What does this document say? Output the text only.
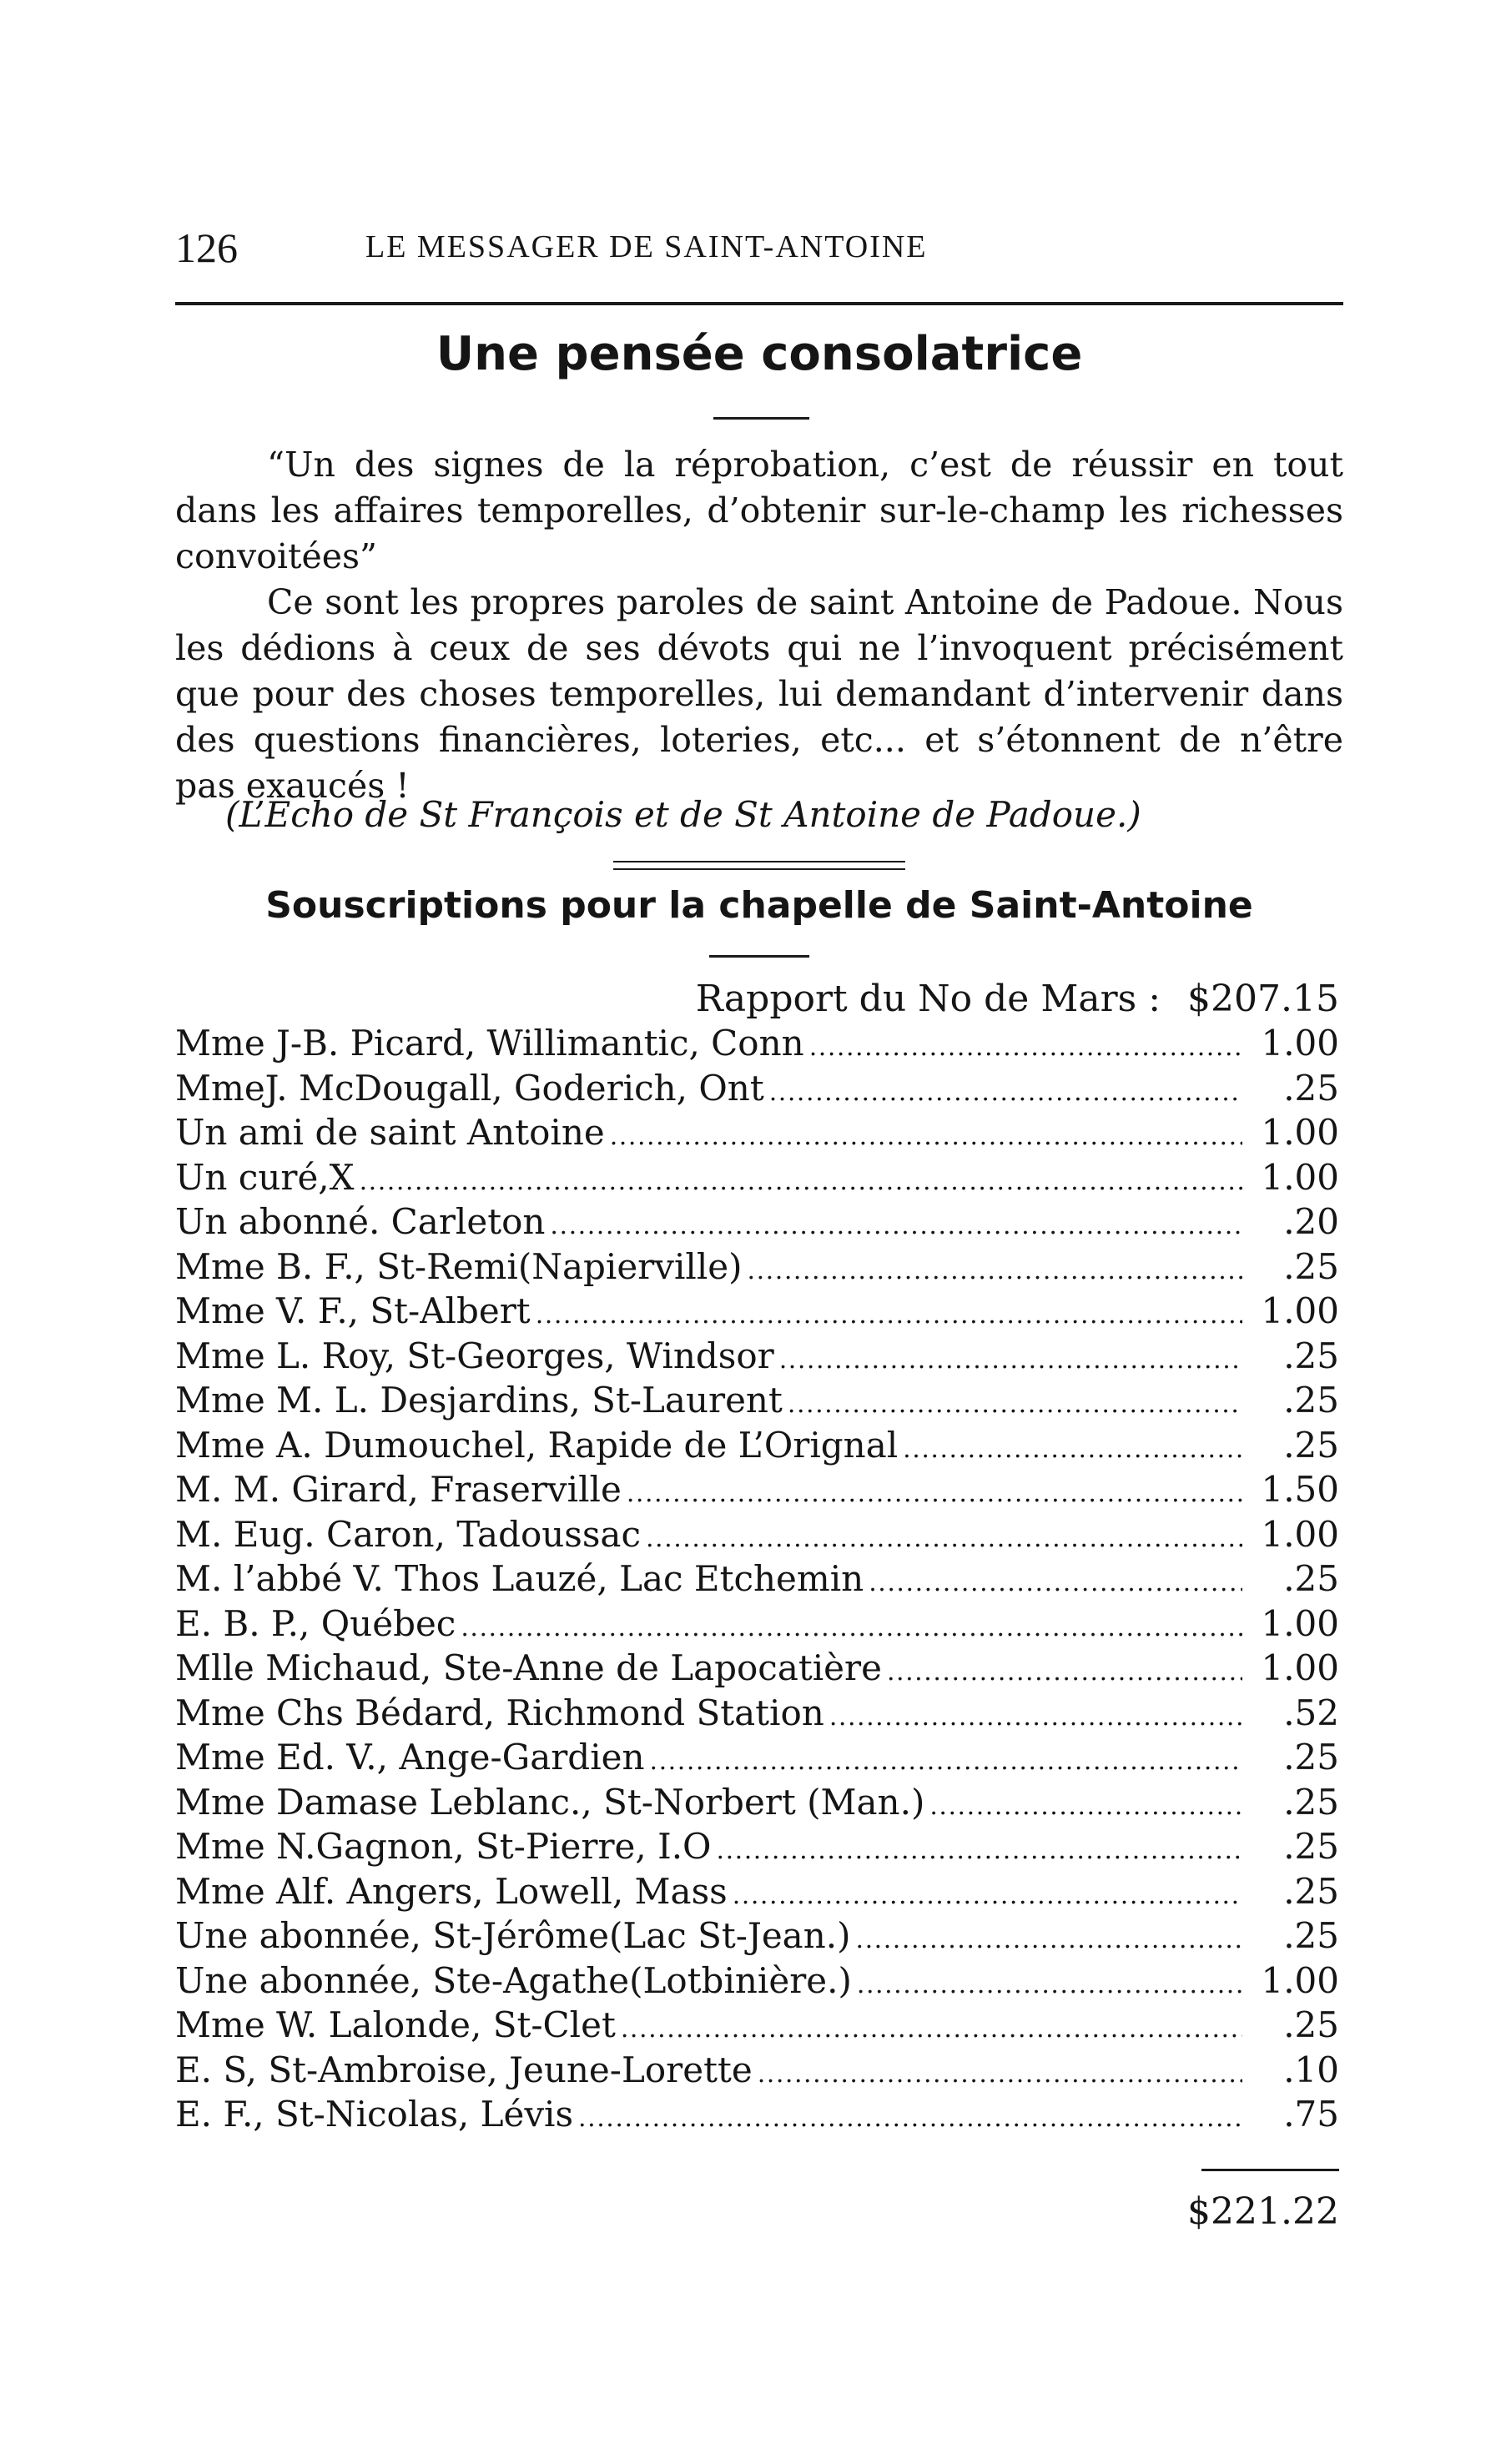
126	LE MESSAGER DE SAINT-ANTOINE
Une pensée consolatrice

“Un des signes de la réprobation, c’est de réussir en tout dans les affaires temporelles, d’obtenir sur-le-champ les richesses convoitées”

Ce sont les propres paroles de saint Antoine de Padoue. Nous les dédions à ceux de ses dévots qui ne l’invoquent précisément que pour des choses temporelles, lui demandant d’intervenir dans des questions financières, loteries, etc... et s’étonnent de n’être pas exaucés !

(L’Echo de St François et de St Antoine de Padoue.)
Souscriptions pour la chapelle de Saint-Antoine
Rapport du No de Mars : $207.15
Mme J-B. Picard, Willimantic, Conn . . .	1.00
MmeJ. McDougall, Goderich, Ont . . .	.25
Un ami de saint Antoine . . .	1.00
Un curé,X . . .	1.00
Un abonné. Carleton . . .	.20
Mme B. F., St-Remi(Napierville) . . .	.25
Mme V. F., St-Albert . . .	1.00
Mme L. Roy, St-Georges, Windsor . . .	.25
Mme M. L. Desjardins, St-Laurent . . .	.25
Mme A. Dumouchel, Rapide de L’Orignal . . .	.25
M. M. Girard, Fraserville . . .	1.50
M. Eug. Caron, Tadoussac . . .	1.00
M. l’abbé V. Thos Lauzé, Lac Etchemin . . .	.25
E. B. P., Québec . . .	1.00
Mlle Michaud, Ste-Anne de Lapocatière . . .	1.00
Mme Chs Bédard, Richmond Station . . .	.52
Mme Ed. V., Ange-Gardien . . .	.25
Mme Damase Leblanc., St-Norbert (Man.) . . .	.25
Mme N.Gagnon, St-Pierre, I.O . . .	.25
Mme Alf. Angers, Lowell, Mass . . .	.25
Une abonnée, St-Jérôme(Lac St-Jean.) . . .	.25
Une abonnée, Ste-Agathe(Lotbinière.) . . .	1.00
Mme W. Lalonde, St-Clet . . .	.25
E. S, St-Ambroise, Jeune-Lorette . . .	.10
E. F., St-Nicolas, Lévis . . .	.75
$221.22
